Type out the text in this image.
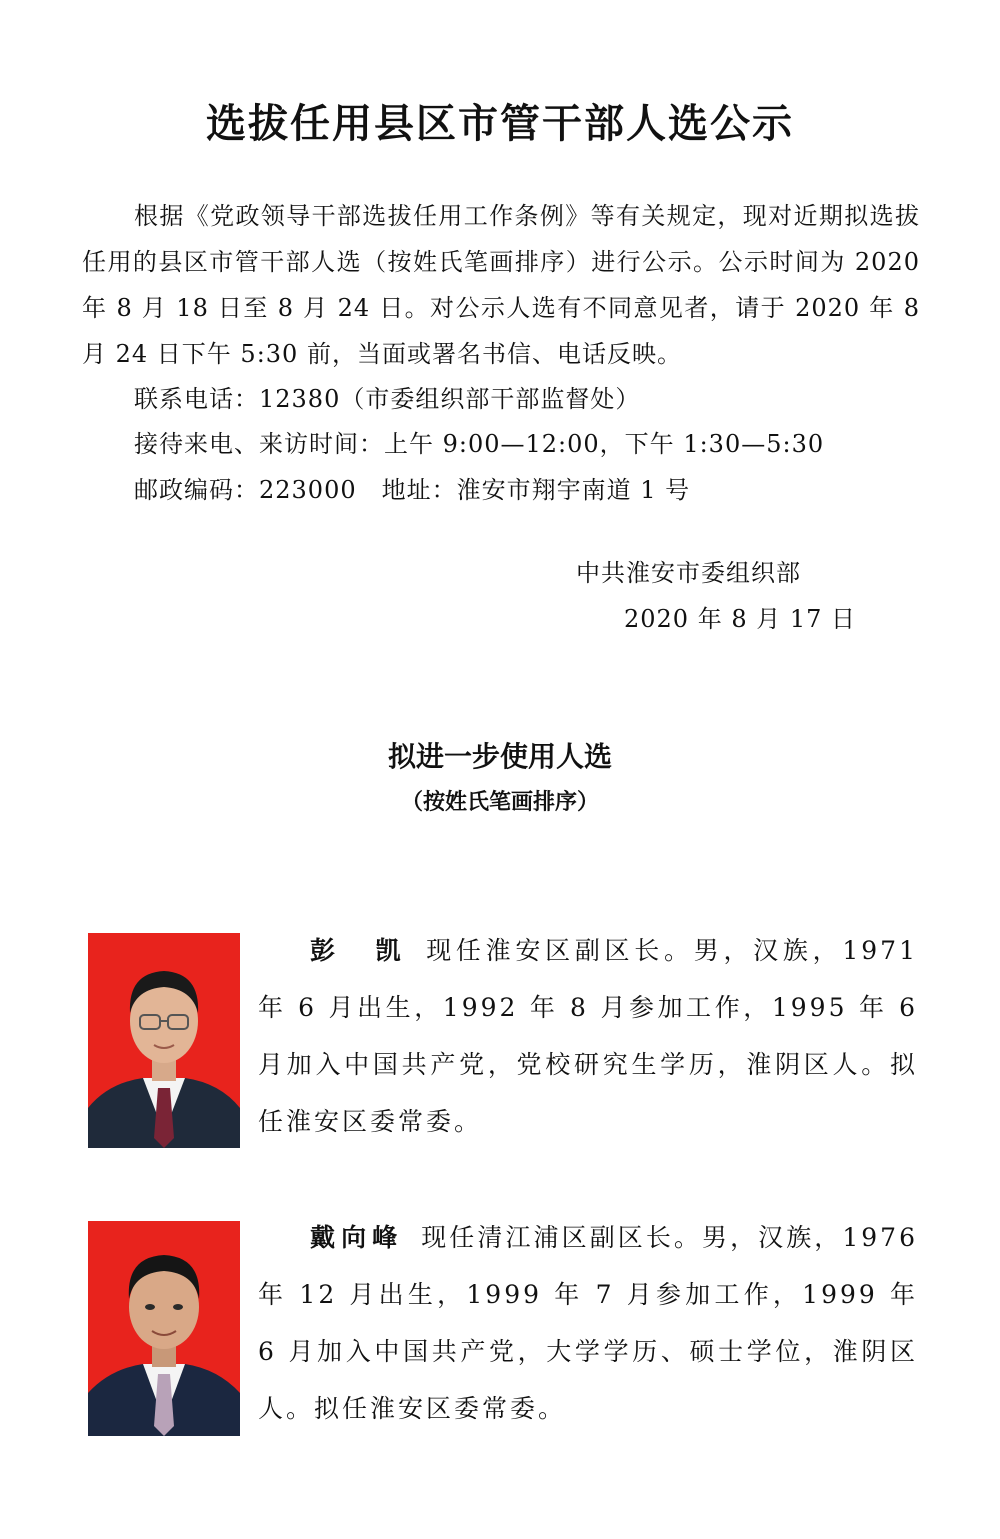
选拔任用县区市管干部人选公示

根据《党政领导干部选拔任用工作条例》等有关规定，现对近期拟选拔任用的县区市管干部人选（按姓氏笔画排序）进行公示。公示时间为 2020 年 8 月 18 日至 8 月 24 日。对公示人选有不同意见者，请于 2020 年 8 月 24 日下午 5:30 前，当面或署名书信、电话反映。

联系电话：12380（市委组织部干部监督处）

接待来电、来访时间：上午 9:00—12:00，下午 1:30—5:30

邮政编码：223000　地址：淮安市翔宇南道 1 号

中共淮安市委组织部
2020 年 8 月 17 日
拟进一步使用人选

（按姓氏笔画排序）

彭　凯 现任淮安区副区长。男，汉族，1971 年 6 月出生，1992 年 8 月参加工作，1995 年 6 月加入中国共产党，党校研究生学历，淮阴区人。拟任淮安区委常委。

戴向峰 现任清江浦区副区长。男，汉族，1976 年 12 月出生，1999 年 7 月参加工作，1999 年 6 月加入中国共产党，大学学历、硕士学位，淮阴区人。拟任淮安区委常委。
